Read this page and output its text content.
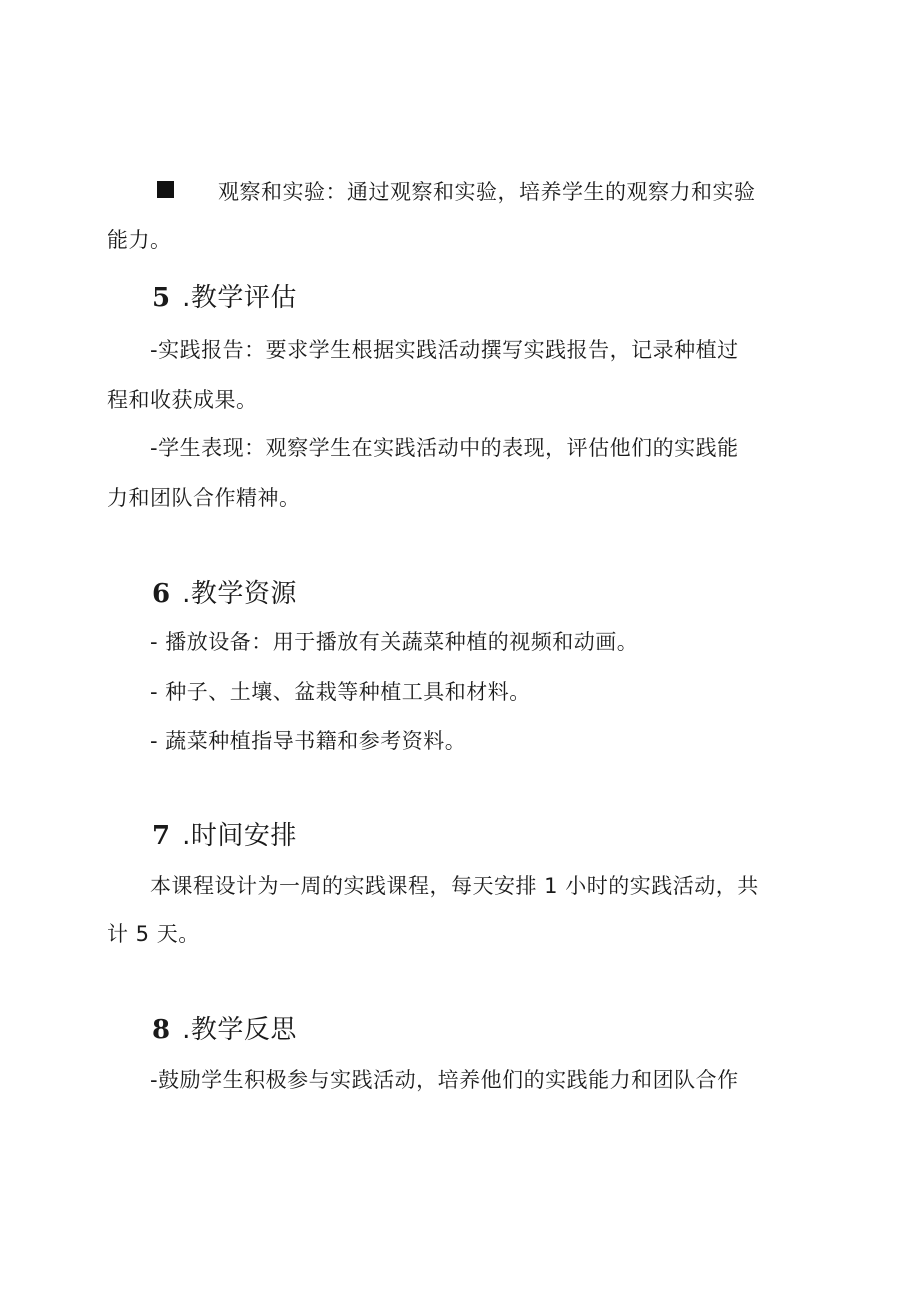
观察和实验：通过观察和实验，培养学生的观察力和实验
能力。
5 .教学评估
-实践报告：要求学生根据实践活动撰写实践报告，记录种植过
程和收获成果。
-学生表现：观察学生在实践活动中的表现，评估他们的实践能
力和团队合作精神。
6 .教学资源
- 播放设备：用于播放有关蔬菜种植的视频和动画。
- 种子、土壤、盆栽等种植工具和材料。
- 蔬菜种植指导书籍和参考资料。
7 .时间安排
本课程设计为一周的实践课程，每天安排 1 小时的实践活动，共
计 5 天。
8 .教学反思
-鼓励学生积极参与实践活动，培养他们的实践能力和团队合作
